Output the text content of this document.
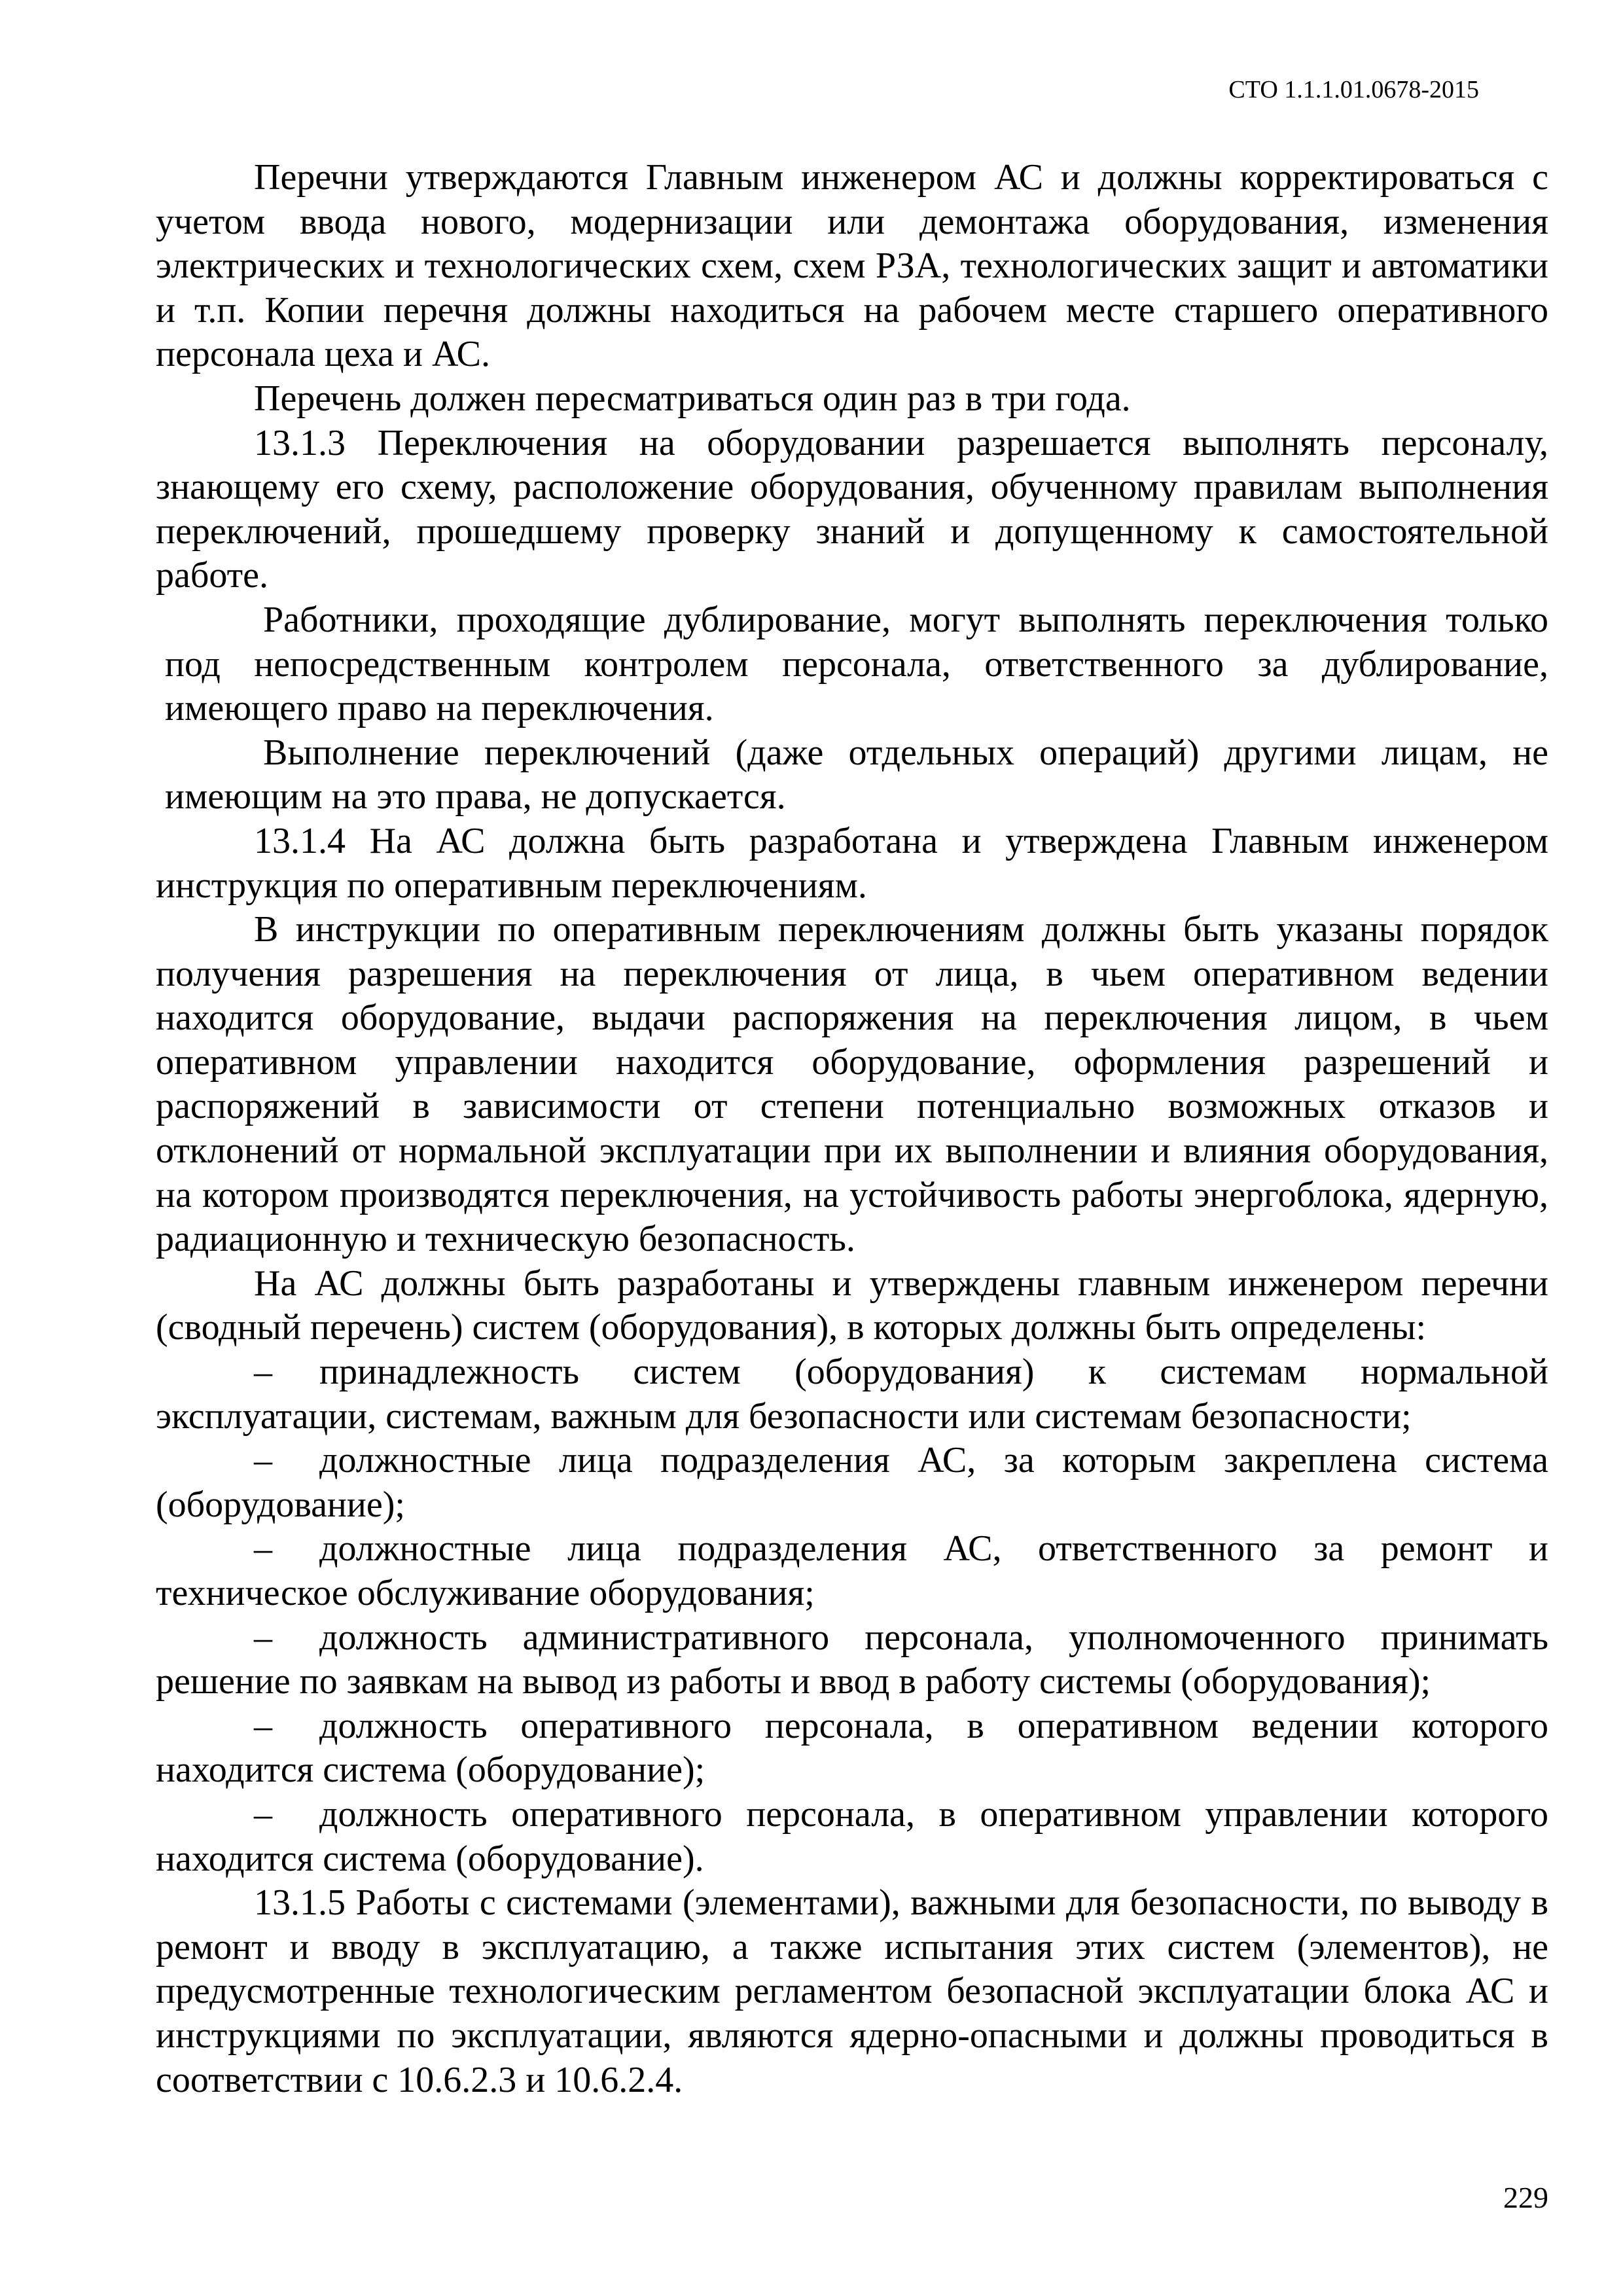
СТО 1.1.1.01.0678-2015

Перечни утверждаются Главным инженером АС и должны корректироваться с учетом ввода нового, модернизации или демонтажа оборудования, изменения электрических и технологических схем, схем РЗА, технологических защит и автоматики и т.п. Копии перечня должны находиться на рабочем месте старшего оперативного персонала цеха и АС.

Перечень должен пересматриваться один раз в три года.

13.1.3 Переключения на оборудовании разрешается выполнять персоналу, знающему его схему, расположение оборудования, обученному правилам выполнения переключений, прошедшему проверку знаний и допущенному к самостоятельной работе.

Работники, проходящие дублирование, могут выполнять переключения только под непосредственным контролем персонала, ответственного за дублирование, имеющего право на переключения.

Выполнение переключений (даже отдельных операций) другими лицам, не имеющим на это права, не допускается.

13.1.4 На АС должна быть разработана и утверждена Главным инженером инструкция по оперативным переключениям.

В инструкции по оперативным переключениям должны быть указаны порядок получения разрешения на переключения от лица, в чьем оперативном ведении находится оборудование, выдачи распоряжения на переключения лицом, в чьем оперативном управлении находится оборудование, оформления разрешений и распоряжений в зависимости от степени потенциально возможных отказов и отклонений от нормальной эксплуатации при их выполнении и влияния оборудования, на котором производятся переключения, на устойчивость работы энергоблока, ядерную, радиационную и техническую безопасность.

На АС должны быть разработаны и утверждены главным инженером перечни (сводный перечень) систем (оборудования), в которых должны быть определены:

– принадлежность систем (оборудования) к системам нормальной эксплуатации, системам, важным для безопасности или системам безопасности;

– должностные лица подразделения АС, за которым закреплена система (оборудование);

– должностные лица подразделения АС, ответственного за ремонт и техническое обслуживание оборудования;

– должность административного персонала, уполномоченного принимать решение по заявкам на вывод из работы и ввод в работу системы (оборудования);

– должность оперативного персонала, в оперативном ведении которого находится система (оборудование);

– должность оперативного персонала, в оперативном управлении которого находится система (оборудование).

13.1.5 Работы с системами (элементами), важными для безопасности, по выводу в ремонт и вводу в эксплуатацию, а также испытания этих систем (элементов), не предусмотренные технологическим регламентом безопасной эксплуатации блока АС и инструкциями по эксплуатации, являются ядерно-опасными и должны проводиться в соответствии с 10.6.2.3 и 10.6.2.4.

229
